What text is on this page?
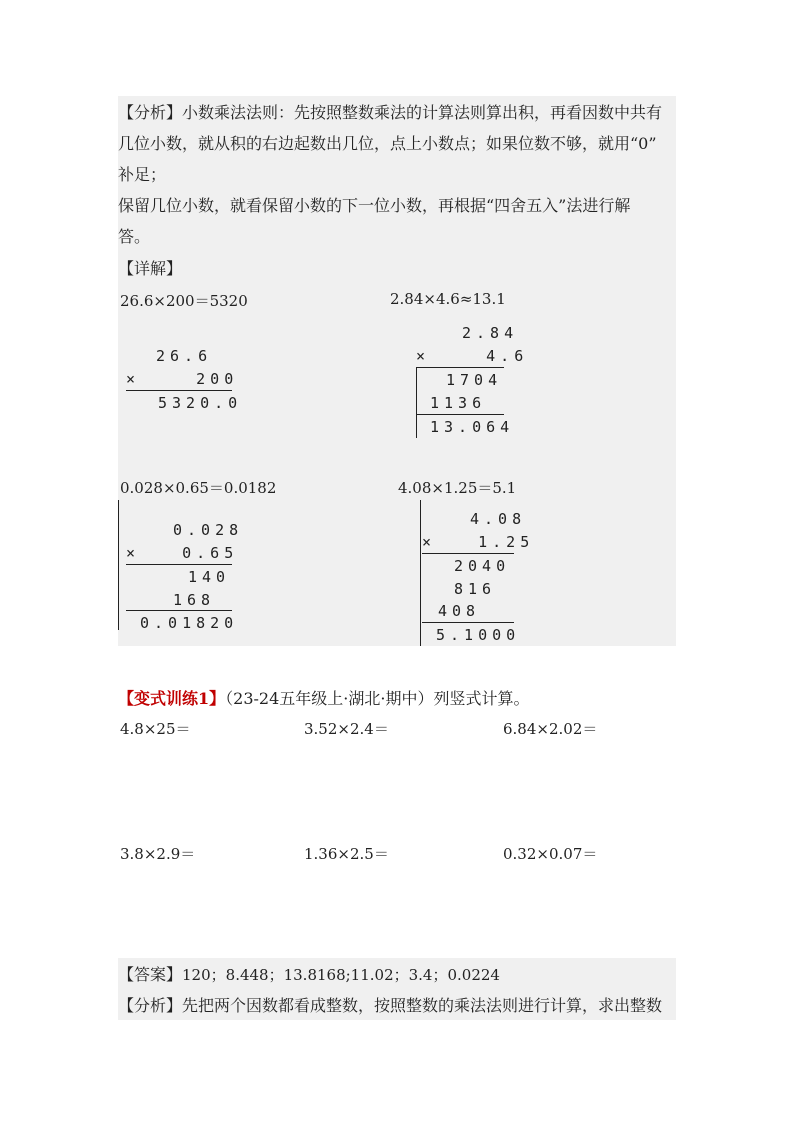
【分析】小数乘法法则：先按照整数乘法的计算法则算出积，再看因数中共有
几位小数，就从积的右边起数出几位，点上小数点；如果位数不够，就用“0”
补足；
保留几位小数，就看保留小数的下一位小数，再根据“四舍五入”法进行解
答。
【详解】
26.6×200＝5320
26.6
×    200
5320.0
2.84×4.6≈13.1
2.84
×    4.6
1704
1136
13.064
0.028×0.65＝0.0182
0.028
×   0.65
140
168
0.01820
4.08×1.25＝5.1
4.08
×   1.25
2040
816
408
5.1000
【变式训练1】（23-24五年级上·湖北·期中）列竖式计算。
4.8×25＝	3.52×2.4＝	6.84×2.02＝
3.8×2.9＝	1.36×2.5＝	0.32×0.07＝
【答案】120；8.448；13.8168;11.02；3.4；0.0224
【分析】先把两个因数都看成整数，按照整数的乘法法则进行计算，求出整数
